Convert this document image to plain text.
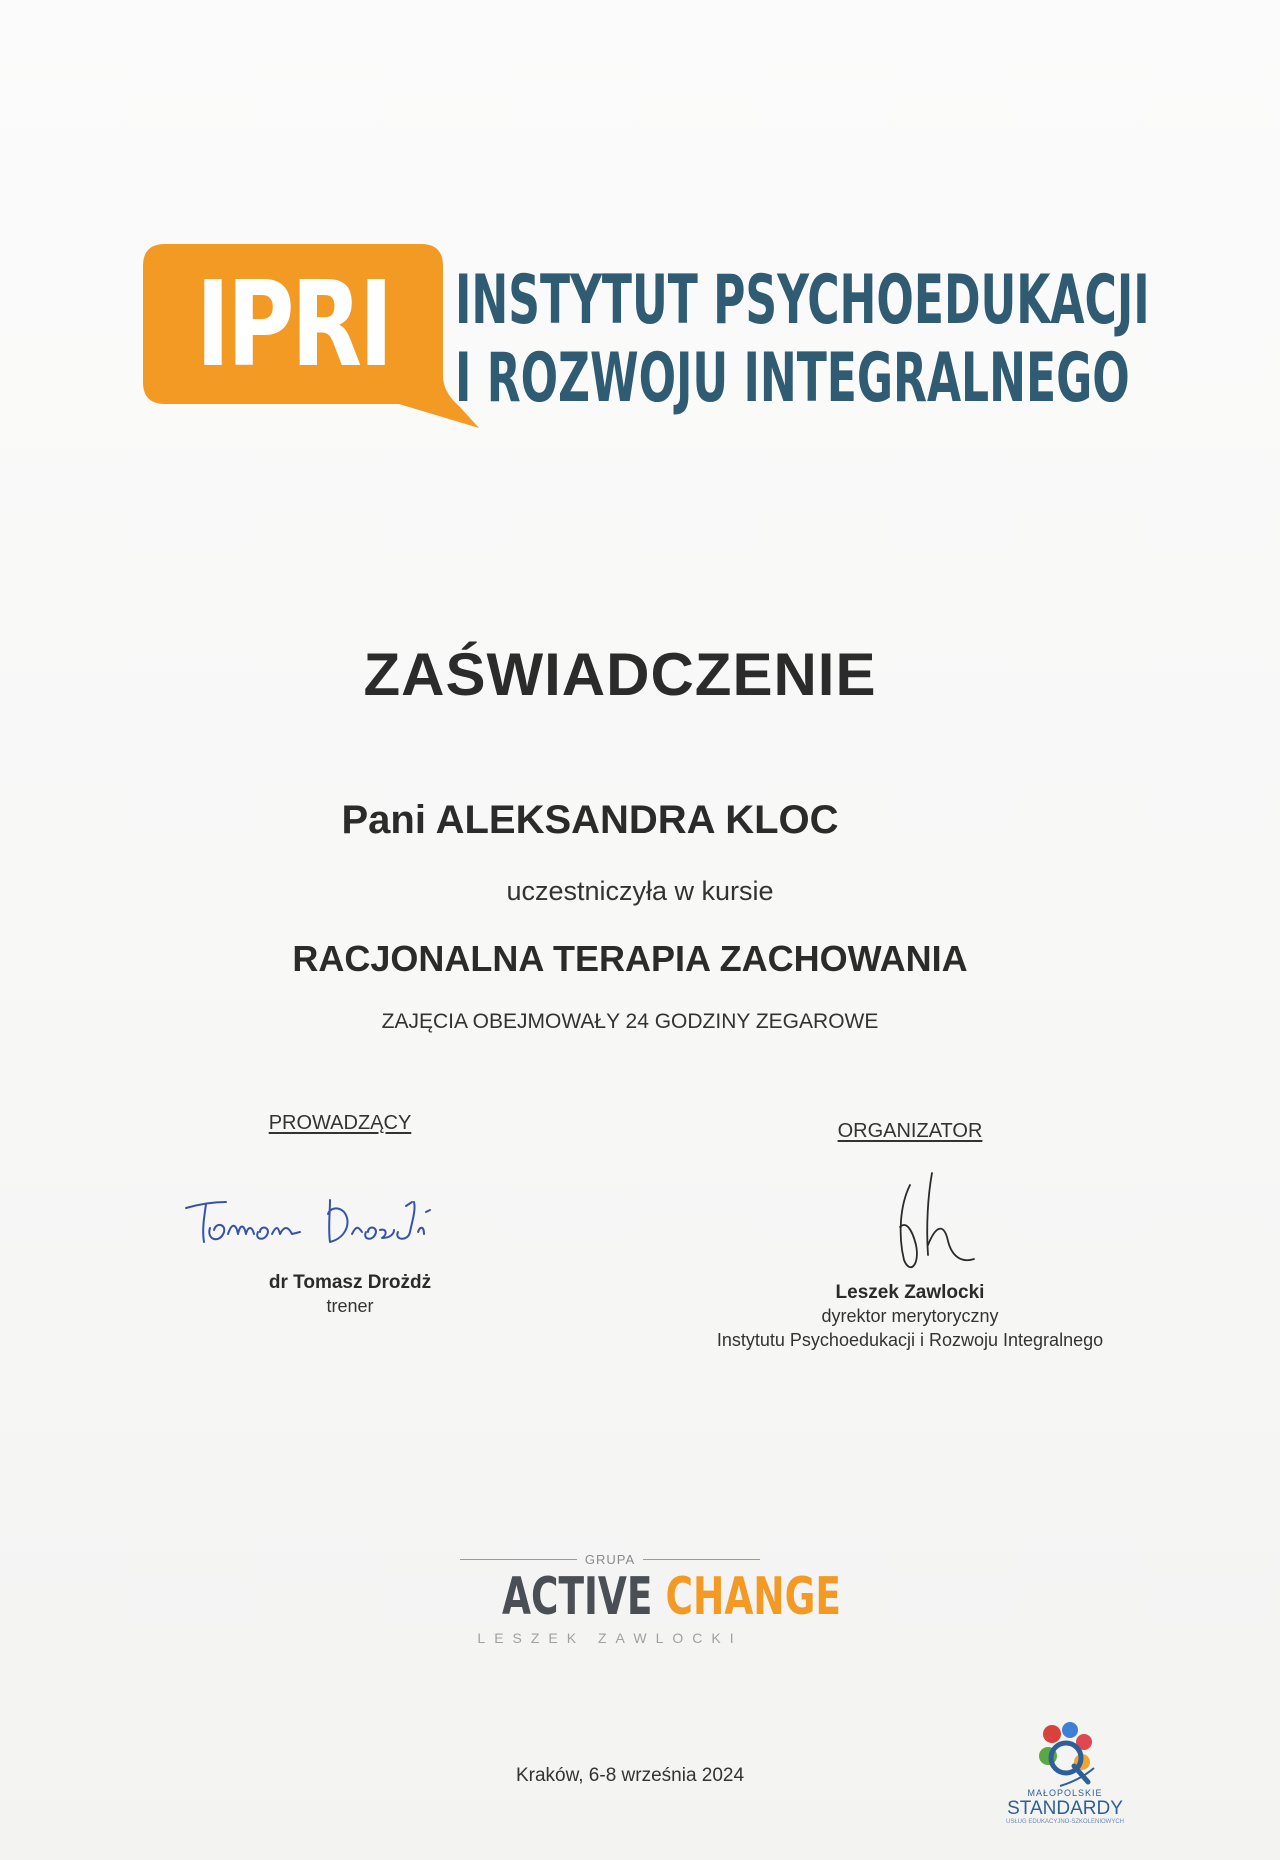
IPRI INSTYTUT PSYCHOEDUKACJI
I ROZWOJU INTEGRALNEGO
ZAŚWIADCZENIE
Pani ALEKSANDRA KLOC
uczestniczyła w kursie
RACJONALNA TERAPIA ZACHOWANIA
ZAJĘCIA OBEJMOWAŁY 24 GODZINY ZEGAROWE
PROWADZĄCY
dr Tomasz Drożdż
trener
ORGANIZATOR
Leszek Zawlocki
dyrektor merytoryczny
Instytutu Psychoedukacji i Rozwoju Integralnego
GRUPA
ACTIVE CHANGE
LESZEK ZAWLOCKI
Kraków, 6-8 września 2024
MAŁOPOLSKIE
STANDARDY
USŁUG EDUKACYJNO-SZKOLENIOWYCH
